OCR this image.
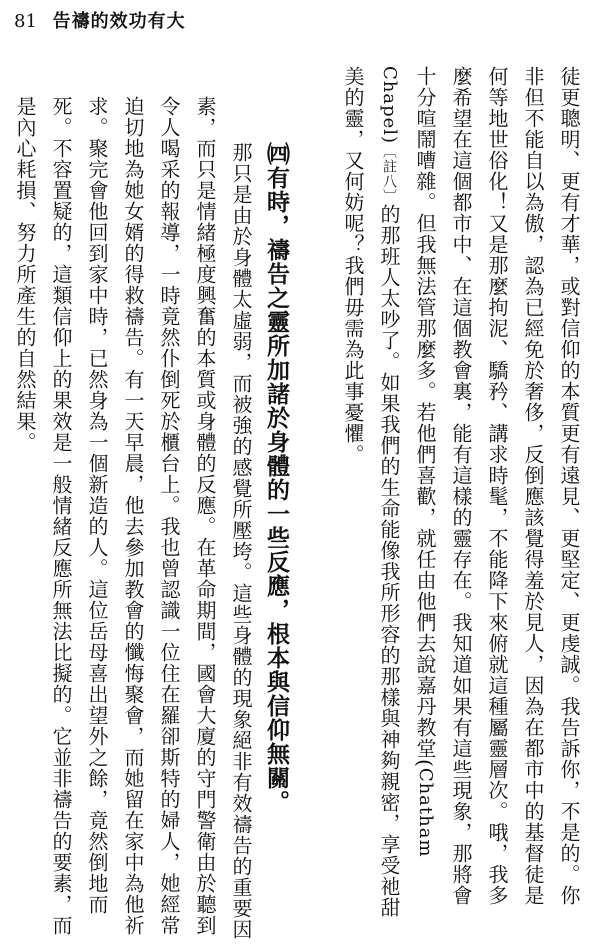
81 告禱的效功有大
徒更聰明、更有才華，或對信仰的本質更有遠見、更堅定、更虔誠。我告訴你，不是的。你
非但不能自以為傲，認為已經免於奢侈，反倒應該覺得羞於見人，因為在都市中的基督徒是
何等地世俗化！又是那麼拘泥、驕矜、講求時髦，不能降下來俯就這種屬靈層次。哦，我多
麼希望在這個都市中、在這個教會裏，能有這樣的靈存在。我知道如果有這些現象，那將會
十分喧鬧嘈雜。但我無法管那麼多。若他們喜歡，就任由他們去說嘉丹教堂(Chatham
Chapel)〔註八〕的那班人太吵了。如果我們的生命能像我所形容的那樣與神夠親密，享受祂甜
美的靈，又何妨呢？我們毋需為此事憂懼。
㈣有時，禱告之靈所加諸於身體的一些反應，根本與信仰無關。
那只是由於身體太虛弱，而被強的感覺所壓垮。這些身體的現象絕非有效禱告的重要因
素，而只是情緒極度興奮的本質或身體的反應。在革命期間，國會大廈的守門警衛由於聽到
令人喝采的報導，一時竟然仆倒死於櫃台上。我也曾認識一位住在羅卻斯特的婦人，她經常
迫切地為她女婿的得救禱告。有一天早晨，他去參加教會的懺悔聚會，而她留在家中為他祈
求。聚完會他回到家中時，已然身為一個新造的人。這位岳母喜出望外之餘，竟然倒地而
死。不容置疑的，這類信仰上的果效是一般情緒反應所無法比擬的。它並非禱告的要素，而
是內心耗損、努力所產生的自然結果。
